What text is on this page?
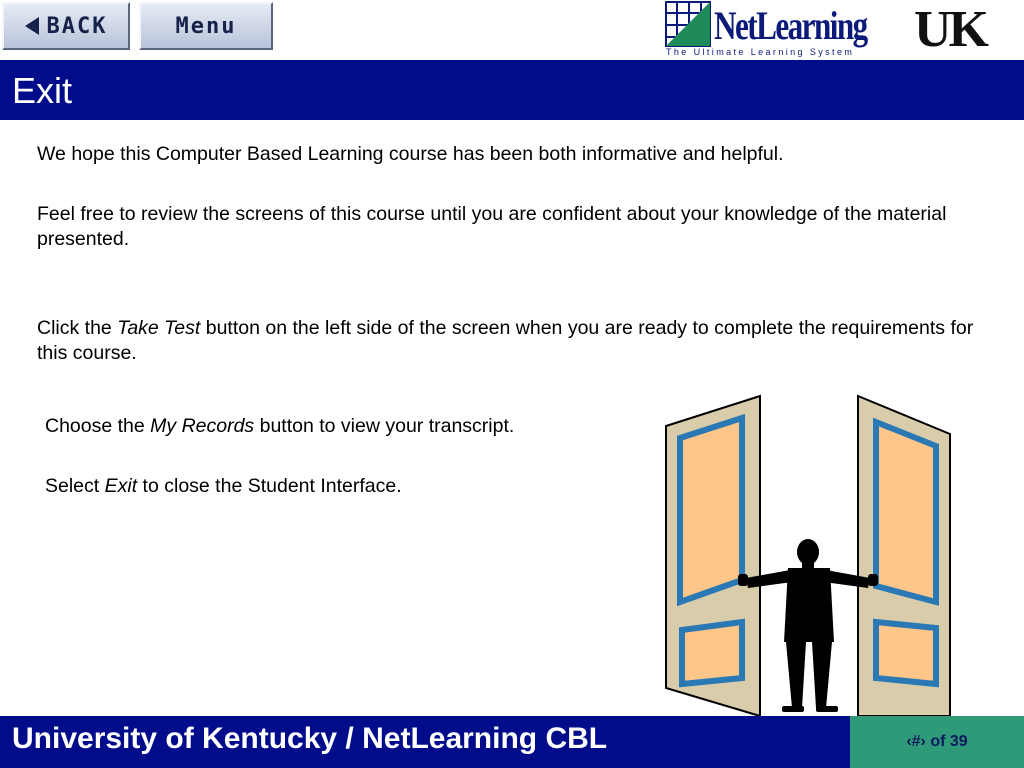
BACK	Menu	NetLearning
The Ultimate Learning System UK
Exit

We hope this Computer Based Learning course has been both informative and helpful.

Feel free to review the screens of this course until you are confident about your knowledge of the material presented.

Click the Take Test button on the left side of the screen when you are ready to complete the requirements for this course.

Choose the My Records button to view your transcript.

Select Exit to close the Student Interface.

University of Kentucky / NetLearning CBL	‹#› of 39
